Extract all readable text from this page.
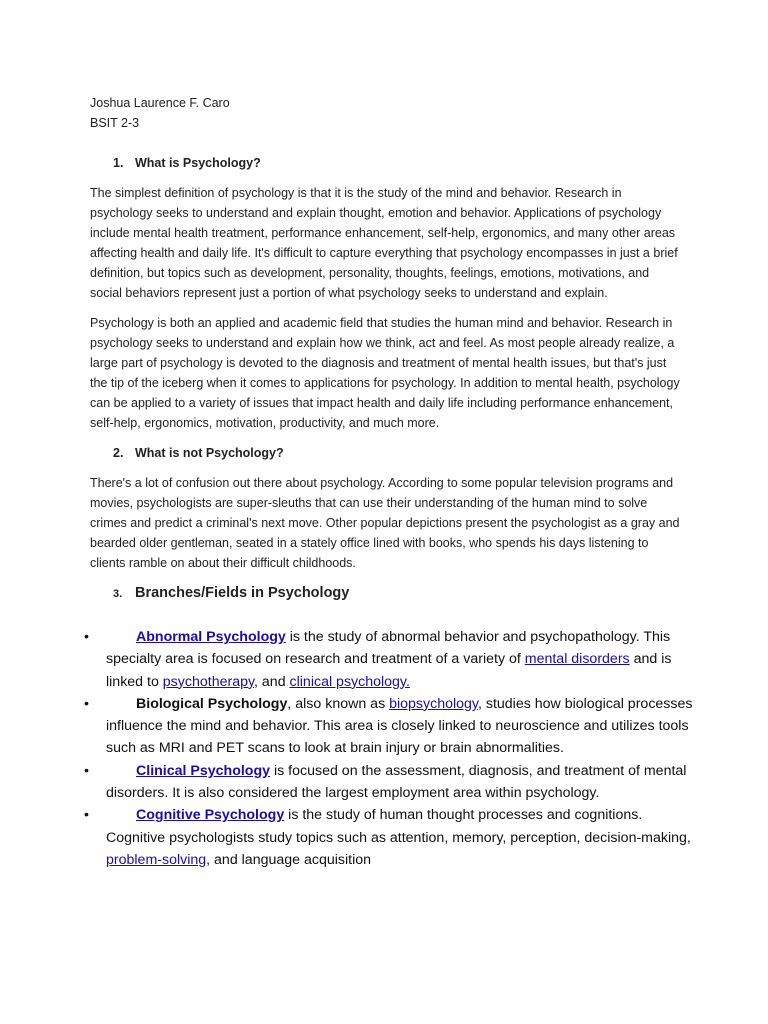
Joshua Laurence F. Caro

BSIT 2-3

1. What is Psychology?

The simplest definition of psychology is that it is the study of the mind and behavior. Research in psychology seeks to understand and explain thought, emotion and behavior. Applications of psychology include mental health treatment, performance enhancement, self-help, ergonomics, and many other areas affecting health and daily life. It's difficult to capture everything that psychology encompasses in just a brief definition, but topics such as development, personality, thoughts, feelings, emotions, motivations, and social behaviors represent just a portion of what psychology seeks to understand and explain.

Psychology is both an applied and academic field that studies the human mind and behavior. Research in psychology seeks to understand and explain how we think, act and feel. As most people already realize, a large part of psychology is devoted to the diagnosis and treatment of mental health issues, but that's just the tip of the iceberg when it comes to applications for psychology. In addition to mental health, psychology can be applied to a variety of issues that impact health and daily life including performance enhancement, self-help, ergonomics, motivation, productivity, and much more.

2. What is not Psychology?

There's a lot of confusion out there about psychology. According to some popular television programs and movies, psychologists are super-sleuths that can use their understanding of the human mind to solve crimes and predict a criminal's next move. Other popular depictions present the psychologist as a gray and bearded older gentleman, seated in a stately office lined with books, who spends his days listening to clients ramble on about their difficult childhoods.

3. Branches/Fields in Psychology

•	Abnormal Psychology is the study of abnormal behavior and psychopathology. This specialty area is focused on research and treatment of a variety of mental disorders and is linked to psychotherapy, and clinical psychology.
•	Biological Psychology, also known as biopsychology, studies how biological processes influence the mind and behavior. This area is closely linked to neuroscience and utilizes tools such as MRI and PET scans to look at brain injury or brain abnormalities.
•	Clinical Psychology is focused on the assessment, diagnosis, and treatment of mental disorders. It is also considered the largest employment area within psychology.
•	Cognitive Psychology is the study of human thought processes and cognitions. Cognitive psychologists study topics such as attention, memory, perception, decision-making, problem-solving, and language acquisition
